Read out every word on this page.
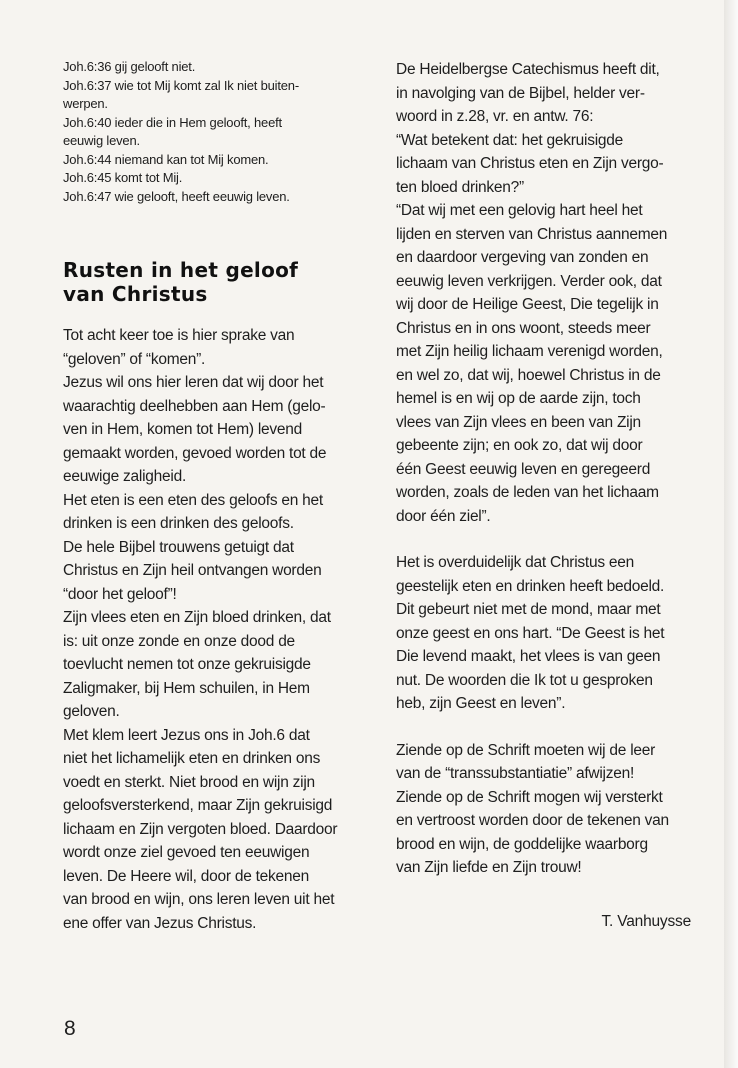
Joh.6:36 gij gelooft niet.

Joh.6:37 wie tot Mij komt zal Ik niet buiten-

werpen.

Joh.6:40 ieder die in Hem gelooft, heeft

eeuwig leven.

Joh.6:44 niemand kan tot Mij komen.

Joh.6:45 komt tot Mij.

Joh.6:47 wie gelooft, heeft eeuwig leven.

Rusten in het geloof
van Christus

Tot acht keer toe is hier sprake van

“geloven” of “komen”.

Jezus wil ons hier leren dat wij door het

waarachtig deelhebben aan Hem (gelo-

ven in Hem, komen tot Hem) levend

gemaakt worden, gevoed worden tot de

eeuwige zaligheid.

Het eten is een eten des geloofs en het

drinken is een drinken des geloofs.

De hele Bijbel trouwens getuigt dat

Christus en Zijn heil ontvangen worden

“door het geloof”!

Zijn vlees eten en Zijn bloed drinken, dat

is: uit onze zonde en onze dood de

toevlucht nemen tot onze gekruisigde

Zaligmaker, bij Hem schuilen, in Hem

geloven.

Met klem leert Jezus ons in Joh.6 dat

niet het lichamelijk eten en drinken ons

voedt en sterkt. Niet brood en wijn zijn

geloofsversterkend, maar Zijn gekruisigd

lichaam en Zijn vergoten bloed. Daardoor

wordt onze ziel gevoed ten eeuwigen

leven. De Heere wil, door de tekenen

van brood en wijn, ons leren leven uit het

ene offer van Jezus Christus.

De Heidelbergse Catechismus heeft dit,

in navolging van de Bijbel, helder ver-

woord in z.28, vr. en antw. 76:

“Wat betekent dat: het gekruisigde

lichaam van Christus eten en Zijn vergo-

ten bloed drinken?”

“Dat wij met een gelovig hart heel het

lijden en sterven van Christus aannemen

en daardoor vergeving van zonden en

eeuwig leven verkrijgen. Verder ook, dat

wij door de Heilige Geest, Die tegelijk in

Christus en in ons woont, steeds meer

met Zijn heilig lichaam verenigd worden,

en wel zo, dat wij, hoewel Christus in de

hemel is en wij op de aarde zijn, toch

vlees van Zijn vlees en been van Zijn

gebeente zijn; en ook zo, dat wij door

één Geest eeuwig leven en geregeerd

worden, zoals de leden van het lichaam

door één ziel”.

Het is overduidelijk dat Christus een

geestelijk eten en drinken heeft bedoeld.

Dit gebeurt niet met de mond, maar met

onze geest en ons hart. “De Geest is het

Die levend maakt, het vlees is van geen

nut. De woorden die Ik tot u gesproken

heb, zijn Geest en leven”.

Ziende op de Schrift moeten wij de leer

van de “transsubstantiatie” afwijzen!

Ziende op de Schrift mogen wij versterkt

en vertroost worden door de tekenen van

brood en wijn, de goddelijke waarborg

van Zijn liefde en Zijn trouw!

T. Vanhuysse
8
